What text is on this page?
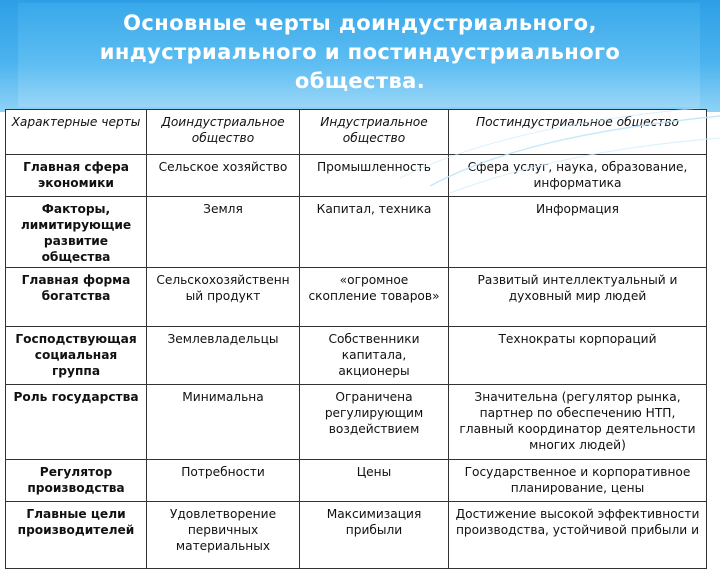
Основные черты доиндустриального,
индустриального и постиндустриального
общества.
Характерные черты	Доиндустриальное общество	Индустриальное общество	Постиндустриальное общество
Главная сфера экономики	Сельское хозяйство	Промышленность	Сфера услуг, наука, образование, информатика
Факторы, лимитирующие развитие общества	Земля	Капитал, техника	Информация
Главная форма богатства	Сельскохозяйственный продукт	«огромное скопление товаров»	Развитый интеллектуальный и духовный мир людей
Господствующая социальная группа	Землевладельцы	Собственники капитала, акционеры	Технократы корпораций
Роль государства	Минимальна	Ограничена регулирующим воздействием	Значительна (регулятор рынка, партнер по обеспечению НТП, главный координатор деятельности многих людей)
Регулятор производства	Потребности	Цены	Государственное и корпоративное планирование, цены
Главные цели производителей	Удовлетворение первичных материальных	Максимизация прибыли	Достижение высокой эффективности производства, устойчивой прибыли и
